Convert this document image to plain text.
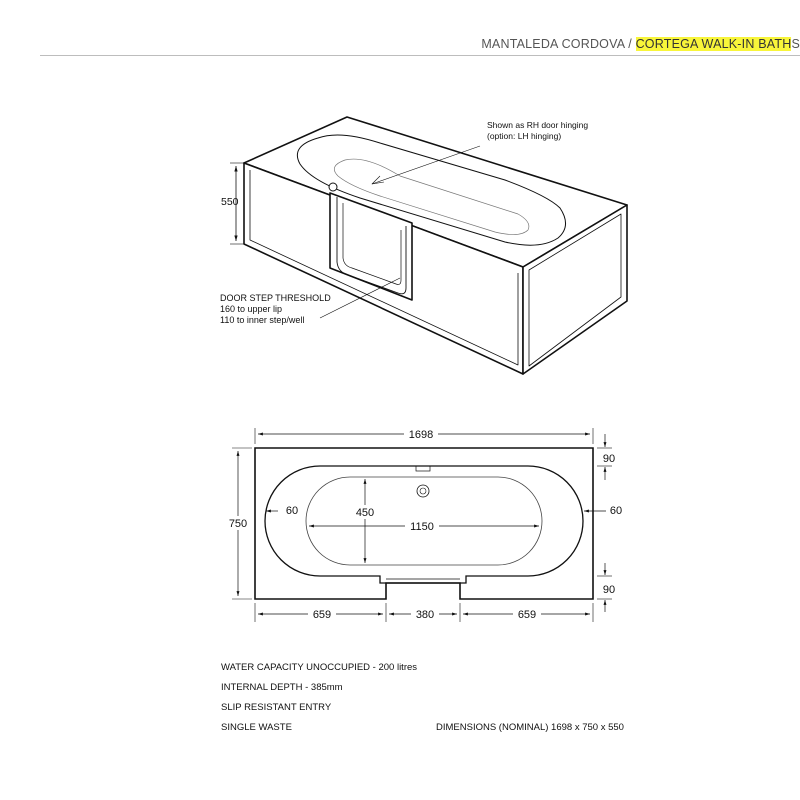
MANTALEDA CORDOVA / CORTEGA WALK-IN BATHS
Shown as RH door hinging
(option: LH hinging)
550
DOOR STEP THRESHOLD
160 to upper lip
110 to inner step/well
1698
750
90
90
60	60
450
1150
659	380	659
WATER CAPACITY UNOCCUPIED - 200 litres
INTERNAL DEPTH - 385mm
SLIP RESISTANT ENTRY
SINGLE WASTE	DIMENSIONS (NOMINAL) 1698 x 750 x 550
